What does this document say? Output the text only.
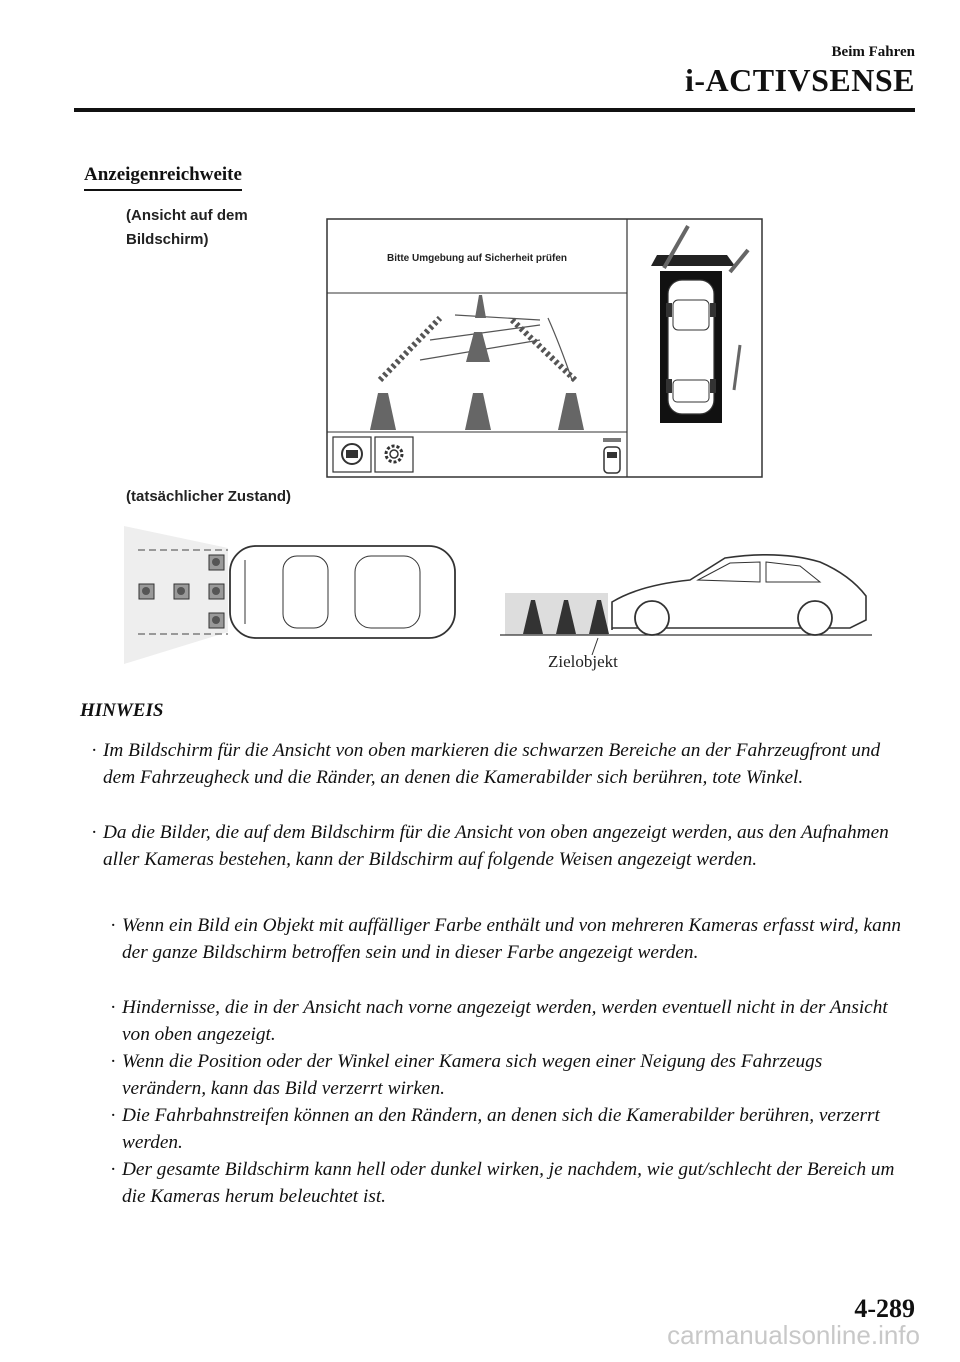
Beim Fahren
i-ACTIVSENSE
Anzeigenreichweite
(Ansicht auf dem Bildschirm)
(tatsächlicher Zustand)
Bitte Umgebung auf Sicherheit prüfen
Zielobjekt
HINWEIS
· Im Bildschirm für die Ansicht von oben markieren die schwarzen Bereiche an der Fahrzeugfront und dem Fahrzeugheck und die Ränder, an denen die Kamerabilder sich berühren, tote Winkel.
· Da die Bilder, die auf dem Bildschirm für die Ansicht von oben angezeigt werden, aus den Aufnahmen aller Kameras bestehen, kann der Bildschirm auf folgende Weisen angezeigt werden.
· Wenn ein Bild ein Objekt mit auffälliger Farbe enthält und von mehreren Kameras erfasst wird, kann der ganze Bildschirm betroffen sein und in dieser Farbe angezeigt werden.
· Hindernisse, die in der Ansicht nach vorne angezeigt werden, werden eventuell nicht in der Ansicht von oben angezeigt.
· Wenn die Position oder der Winkel einer Kamera sich wegen einer Neigung des Fahrzeugs verändern, kann das Bild verzerrt wirken.
· Die Fahrbahnstreifen können an den Rändern, an denen sich die Kamerabilder berühren, verzerrt werden.
· Der gesamte Bildschirm kann hell oder dunkel wirken, je nachdem, wie gut/schlecht der Bereich um die Kameras herum beleuchtet ist.
4-289
carmanualsonline.info
